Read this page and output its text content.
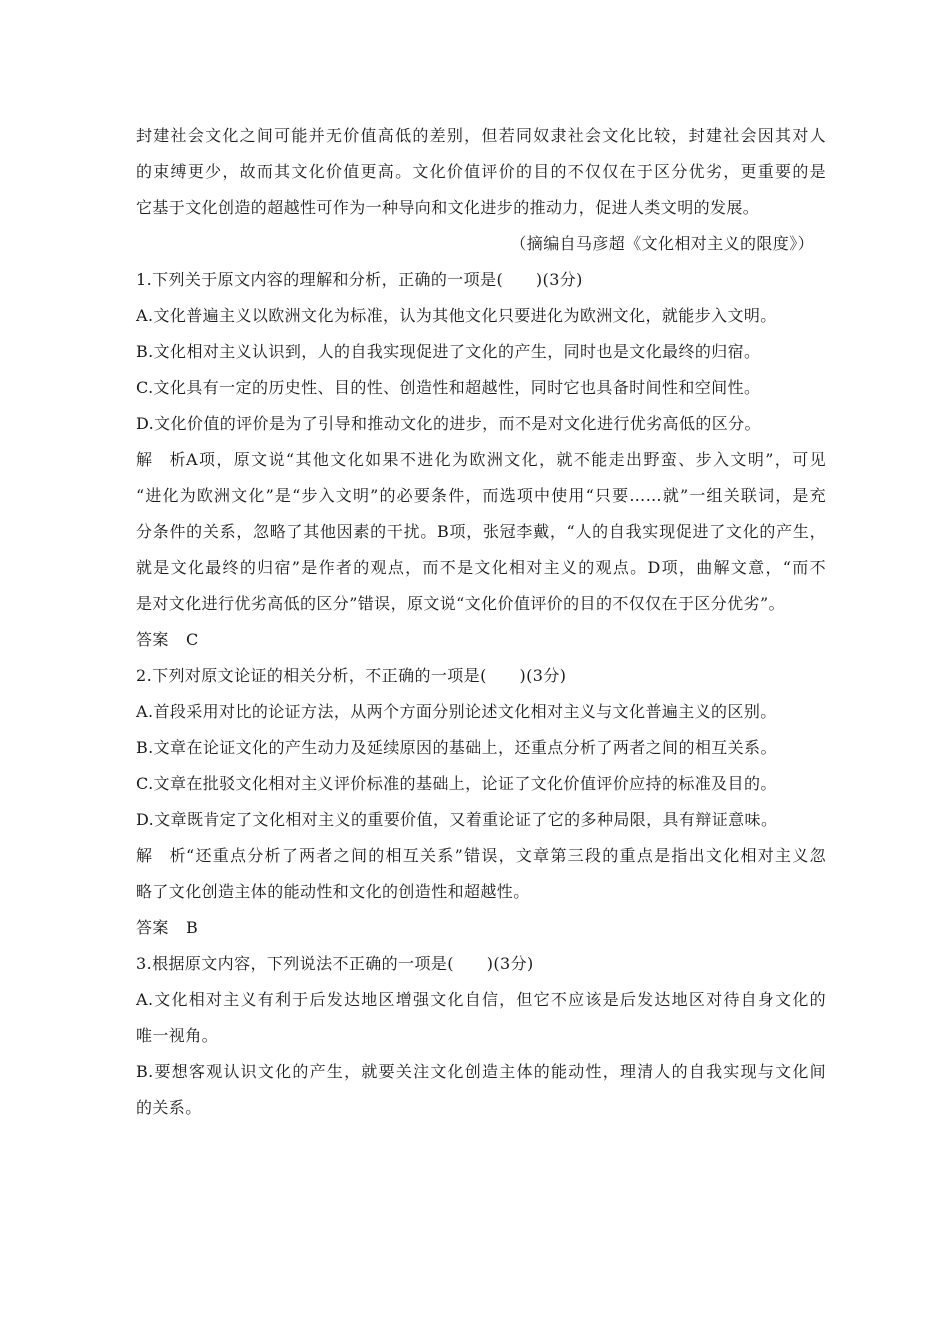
封建社会文化之间可能并无价值高低的差别，但若同奴隶社会文化比较，封建社会因其对人
的束缚更少，故而其文化价值更高。文化价值评价的目的不仅仅在于区分优劣，更重要的是
它基于文化创造的超越性可作为一种导向和文化进步的推动力，促进人类文明的发展。
（摘编自马彦超《文化相对主义的限度》）
1.下列关于原文内容的理解和分析，正确的一项是(　　)(3分)
A.文化普遍主义以欧洲文化为标准，认为其他文化只要进化为欧洲文化，就能步入文明。
B.文化相对主义认识到，人的自我实现促进了文化的产生，同时也是文化最终的归宿。
C.文化具有一定的历史性、目的性、创造性和超越性，同时它也具备时间性和空间性。
D.文化价值的评价是为了引导和推动文化的进步，而不是对文化进行优劣高低的区分。
解析A项，原文说“其他文化如果不进化为欧洲文化，就不能走出野蛮、步入文明”，可见
“进化为欧洲文化”是“步入文明”的必要条件，而选项中使用“只要……就”一组关联词，是充
分条件的关系，忽略了其他因素的干扰。B项，张冠李戴，“人的自我实现促进了文化的产生，
就是文化最终的归宿”是作者的观点，而不是文化相对主义的观点。D项，曲解文意，“而不
是对文化进行优劣高低的区分”错误，原文说“文化价值评价的目的不仅仅在于区分优劣”。
答案 C
2.下列对原文论证的相关分析，不正确的一项是(　　)(3分)
A.首段采用对比的论证方法，从两个方面分别论述文化相对主义与文化普遍主义的区别。
B.文章在论证文化的产生动力及延续原因的基础上，还重点分析了两者之间的相互关系。
C.文章在批驳文化相对主义评价标准的基础上，论证了文化价值评价应持的标准及目的。
D.文章既肯定了文化相对主义的重要价值，又着重论证了它的多种局限，具有辩证意味。
解析“还重点分析了两者之间的相互关系”错误，文章第三段的重点是指出文化相对主义忽
略了文化创造主体的能动性和文化的创造性和超越性。
答案 B
3.根据原文内容，下列说法不正确的一项是(　　)(3分)
A.文化相对主义有利于后发达地区增强文化自信，但它不应该是后发达地区对待自身文化的
唯一视角。
B.要想客观认识文化的产生，就要关注文化创造主体的能动性，理清人的自我实现与文化间
的关系。
